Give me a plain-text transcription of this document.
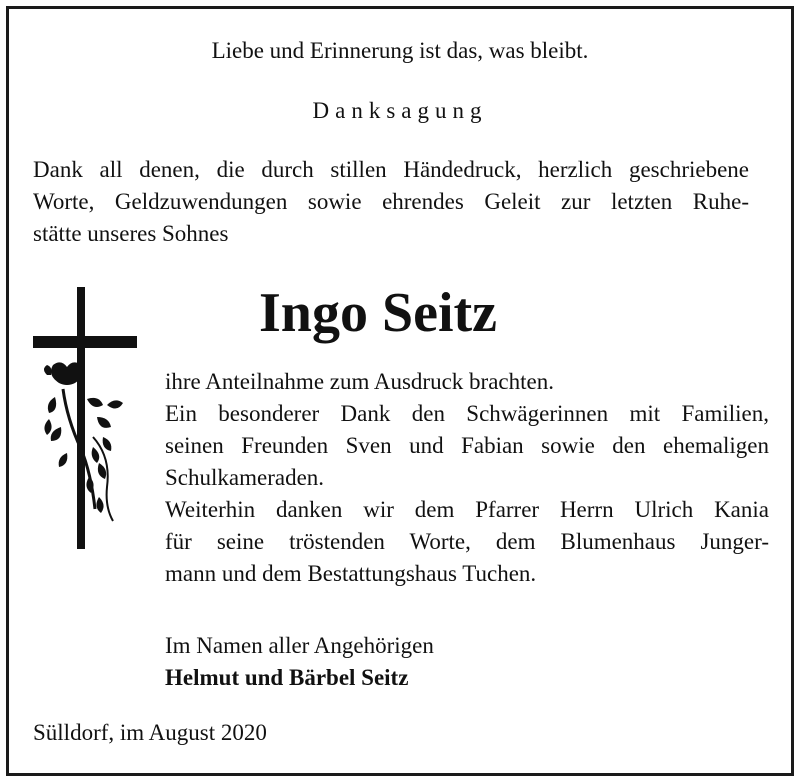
Liebe und Erinnerung ist das, was bleibt.
Danksagung
Dank all denen, die durch stillen Händedruck, herzlich geschriebene
Worte, Geldzuwendungen sowie ehrendes Geleit zur letzten Ruhe-
stätte unseres Sohnes
Ingo Seitz
ihre Anteilnahme zum Ausdruck brachten.
Ein besonderer Dank den Schwägerinnen mit Familien,
seinen Freunden Sven und Fabian sowie den ehemaligen
Schulkameraden.
Weiterhin danken wir dem Pfarrer Herrn Ulrich Kania
für seine tröstenden Worte, dem Blumenhaus Junger-
mann und dem Bestattungshaus Tuchen.
Im Namen aller Angehörigen
Helmut und Bärbel Seitz
Sülldorf, im August 2020
